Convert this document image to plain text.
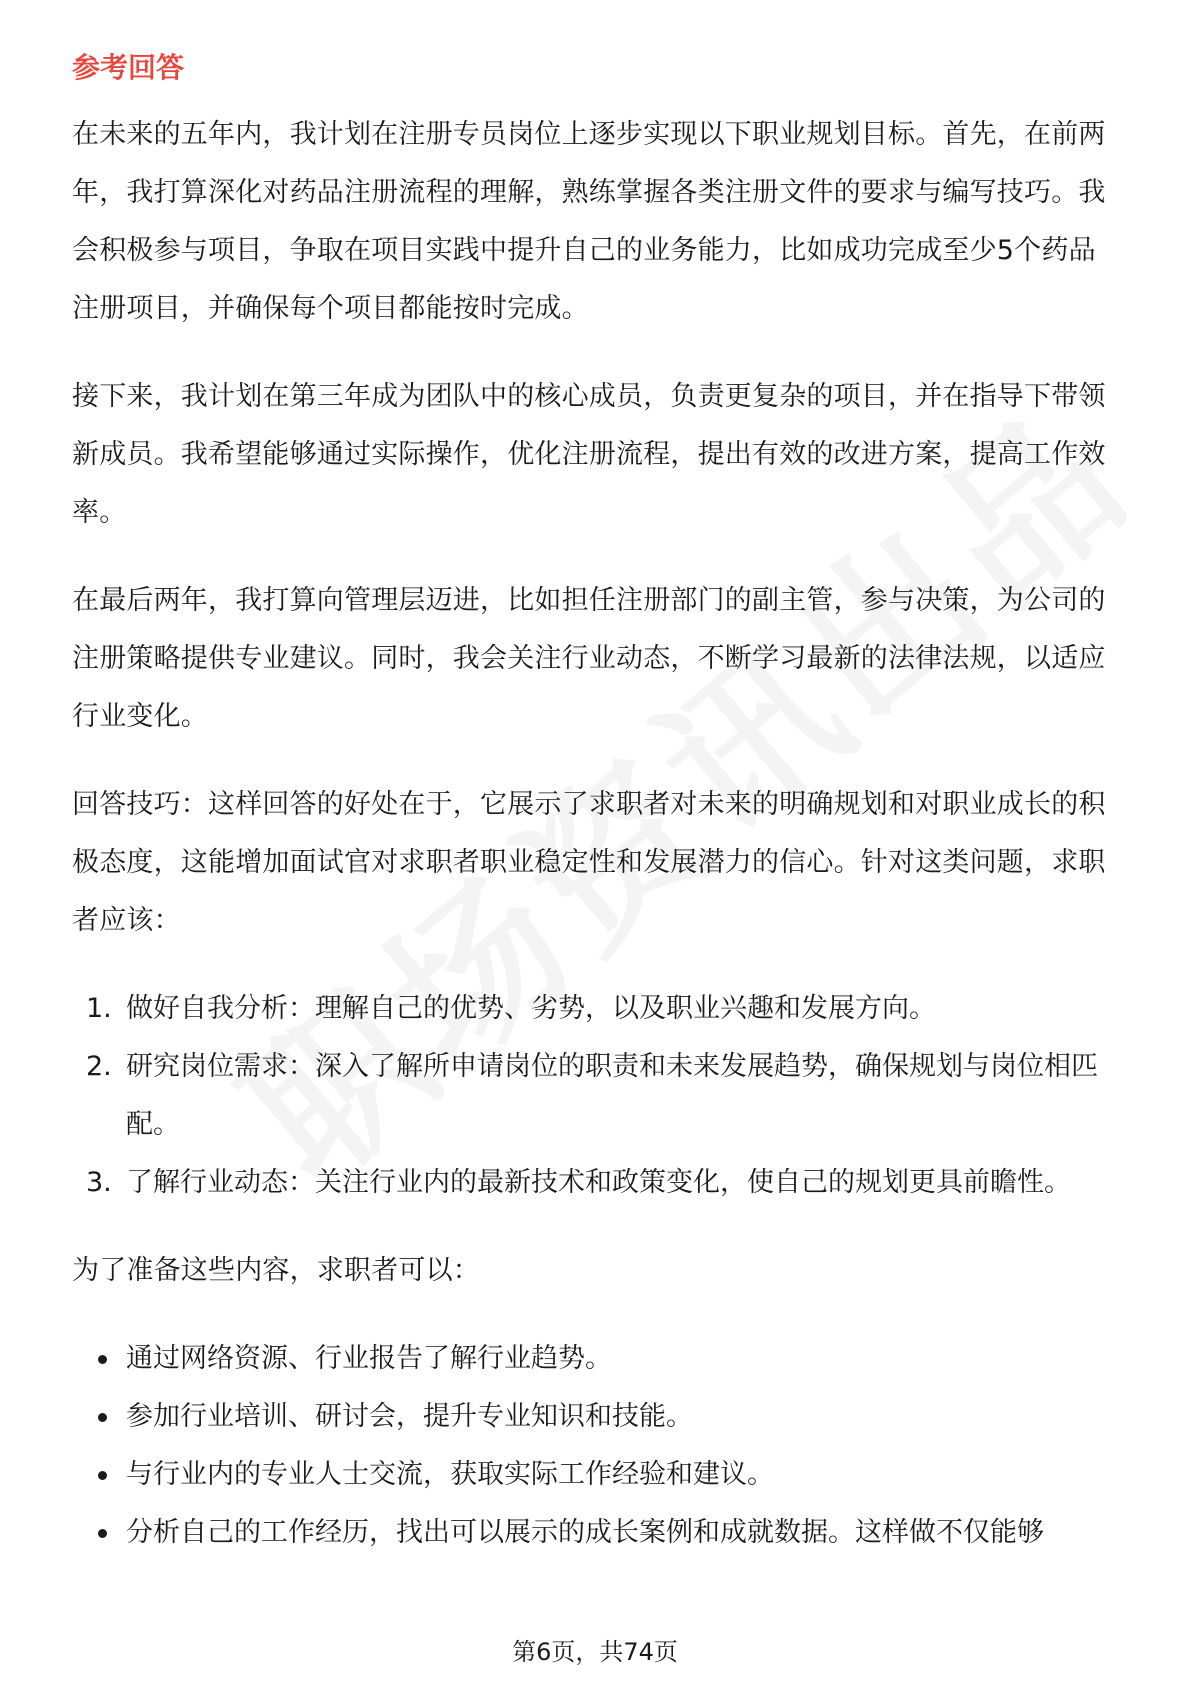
参考回答

在未来的五年内，我计划在注册专员岗位上逐步实现以下职业规划目标。首先，在前两年，我打算深化对药品注册流程的理解，熟练掌握各类注册文件的要求与编写技巧。我会积极参与项目，争取在项目实践中提升自己的业务能力，比如成功完成至少5个药品注册项目，并确保每个项目都能按时完成。

接下来，我计划在第三年成为团队中的核心成员，负责更复杂的项目，并在指导下带领新成员。我希望能够通过实际操作，优化注册流程，提出有效的改进方案，提高工作效率。

在最后两年，我打算向管理层迈进，比如担任注册部门的副主管，参与决策，为公司的注册策略提供专业建议。同时，我会关注行业动态，不断学习最新的法律法规，以适应行业变化。

回答技巧：这样回答的好处在于，它展示了求职者对未来的明确规划和对职业成长的积极态度，这能增加面试官对求职者职业稳定性和发展潜力的信心。针对这类问题，求职者应该：

1. 做好自我分析：理解自己的优势、劣势，以及职业兴趣和发展方向。
2. 研究岗位需求：深入了解所申请岗位的职责和未来发展趋势，确保规划与岗位相匹配。
3. 了解行业动态：关注行业内的最新技术和政策变化，使自己的规划更具前瞻性。

为了准备这些内容，求职者可以：

通过网络资源、行业报告了解行业趋势。
参加行业培训、研讨会，提升专业知识和技能。
与行业内的专业人士交流，获取实际工作经验和建议。
分析自己的工作经历，找出可以展示的成长案例和成就数据。这样做不仅能够
第6页，共74页
